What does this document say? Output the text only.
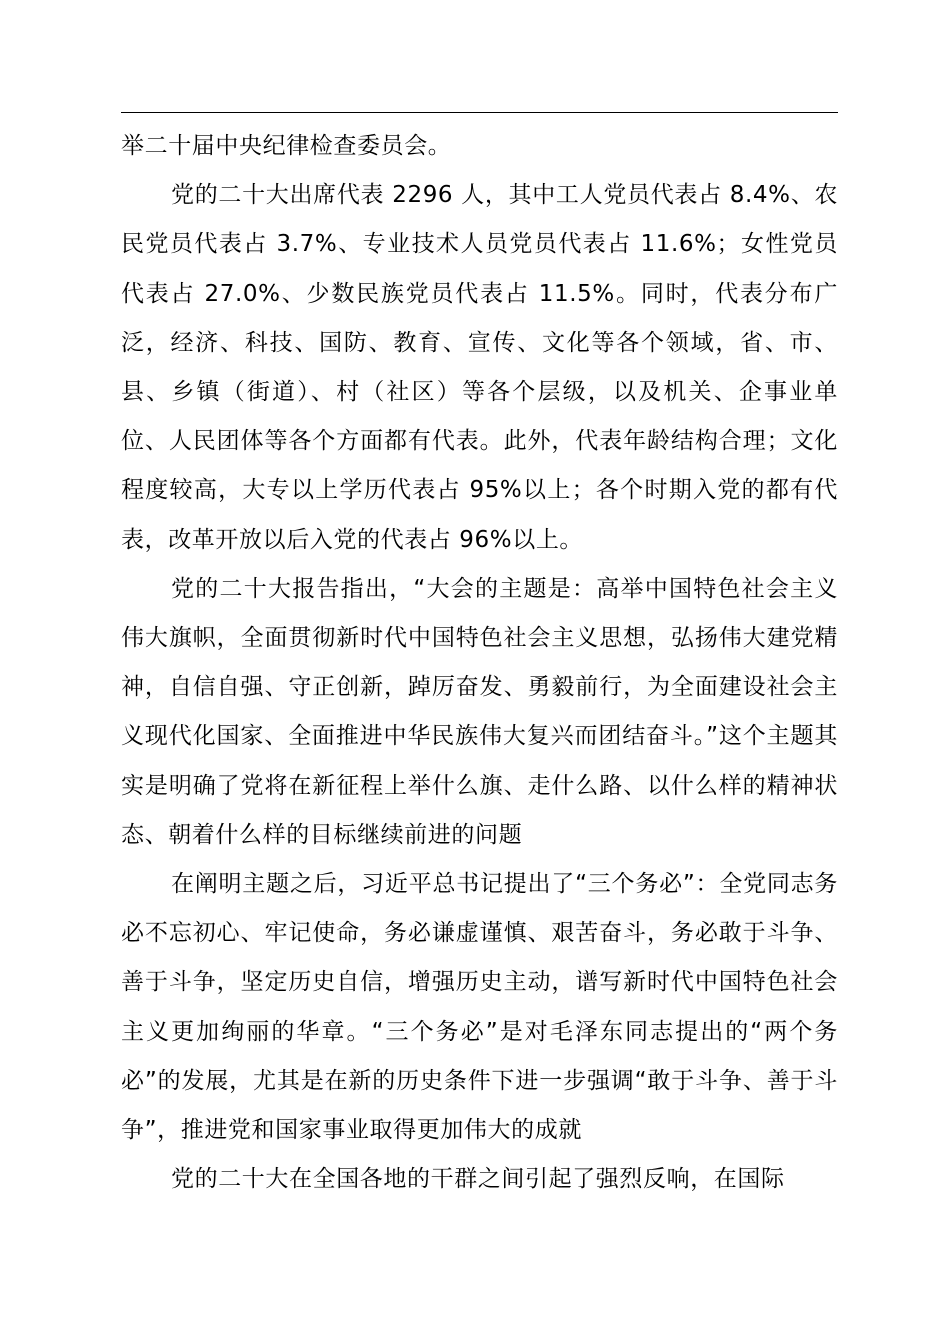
举二十届中央纪律检查委员会。

党的二十大出席代表 2296 人，其中工人党员代表占 8.4%、农民党员代表占 3.7%、专业技术人员党员代表占 11.6%；女性党员代表占 27.0%、少数民族党员代表占 11.5%。同时，代表分布广泛，经济、科技、国防、教育、宣传、文化等各个领域，省、市、县、乡镇（街道）、村（社区）等各个层级，以及机关、企事业单位、人民团体等各个方面都有代表。此外，代表年龄结构合理；文化程度较高，大专以上学历代表占 95%以上；各个时期入党的都有代表，改革开放以后入党的代表占 96%以上。

党的二十大报告指出，“大会的主题是：高举中国特色社会主义伟大旗帜，全面贯彻新时代中国特色社会主义思想，弘扬伟大建党精神，自信自强、守正创新，踔厉奋发、勇毅前行，为全面建设社会主义现代化国家、全面推进中华民族伟大复兴而团结奋斗。”这个主题其实是明确了党将在新征程上举什么旗、走什么路、以什么样的精神状态、朝着什么样的目标继续前进的问题

在阐明主题之后，习近平总书记提出了“三个务必”：全党同志务必不忘初心、牢记使命，务必谦虚谨慎、艰苦奋斗，务必敢于斗争、善于斗争，坚定历史自信，增强历史主动，谱写新时代中国特色社会主义更加绚丽的华章。“三个务必”是对毛泽东同志提出的“两个务必”的发展，尤其是在新的历史条件下进一步强调“敢于斗争、善于斗争”，推进党和国家事业取得更加伟大的成就

党的二十大在全国各地的干群之间引起了强烈反响，在国际
